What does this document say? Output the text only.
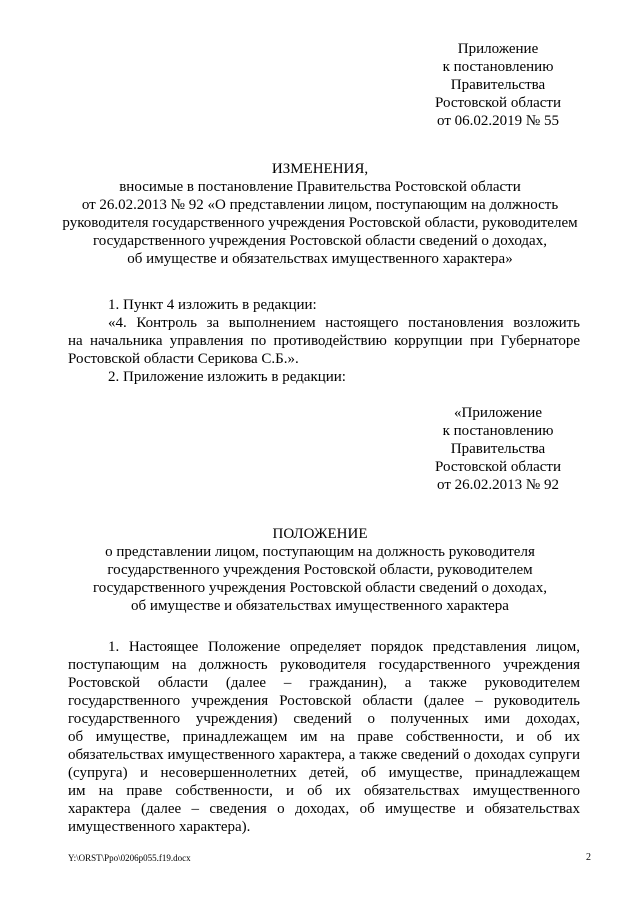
Приложение
к постановлению
Правительства
Ростовской области
от 06.02.2019 № 55
ИЗМЕНЕНИЯ,
вносимые в постановление Правительства Ростовской области
от 26.02.2013 № 92 «О представлении лицом, поступающим на должность
руководителя государственного учреждения Ростовской области, руководителем
государственного учреждения Ростовской области сведений о доходах,
об имуществе и обязательствах имущественного характера»
1. Пункт 4 изложить в редакции:
«4. Контроль за выполнением настоящего постановления возложить
на начальника управления по противодействию коррупции при Губернаторе
Ростовской области Серикова С.Б.».
2. Приложение изложить в редакции:
«Приложение
к постановлению
Правительства
Ростовской области
от 26.02.2013 № 92
ПОЛОЖЕНИЕ
о представлении лицом, поступающим на должность руководителя
государственного учреждения Ростовской области, руководителем
государственного учреждения Ростовской области сведений о доходах,
об имуществе и обязательствах имущественного характера
1. Настоящее Положение определяет порядок представления лицом,
поступающим на должность руководителя государственного учреждения
Ростовской области (далее – гражданин), а также руководителем
государственного учреждения Ростовской области (далее – руководитель
государственного учреждения) сведений о полученных ими доходах,
об имуществе, принадлежащем им на праве собственности, и об их
обязательствах имущественного характера, а также сведений о доходах супруги
(супруга) и несовершеннолетних детей, об имуществе, принадлежащем
им на праве собственности, и об их обязательствах имущественного
характера (далее – сведения о доходах, об имуществе и обязательствах
имущественного характера).
Y:\ORST\Ppo\0206p055.f19.docx	2
